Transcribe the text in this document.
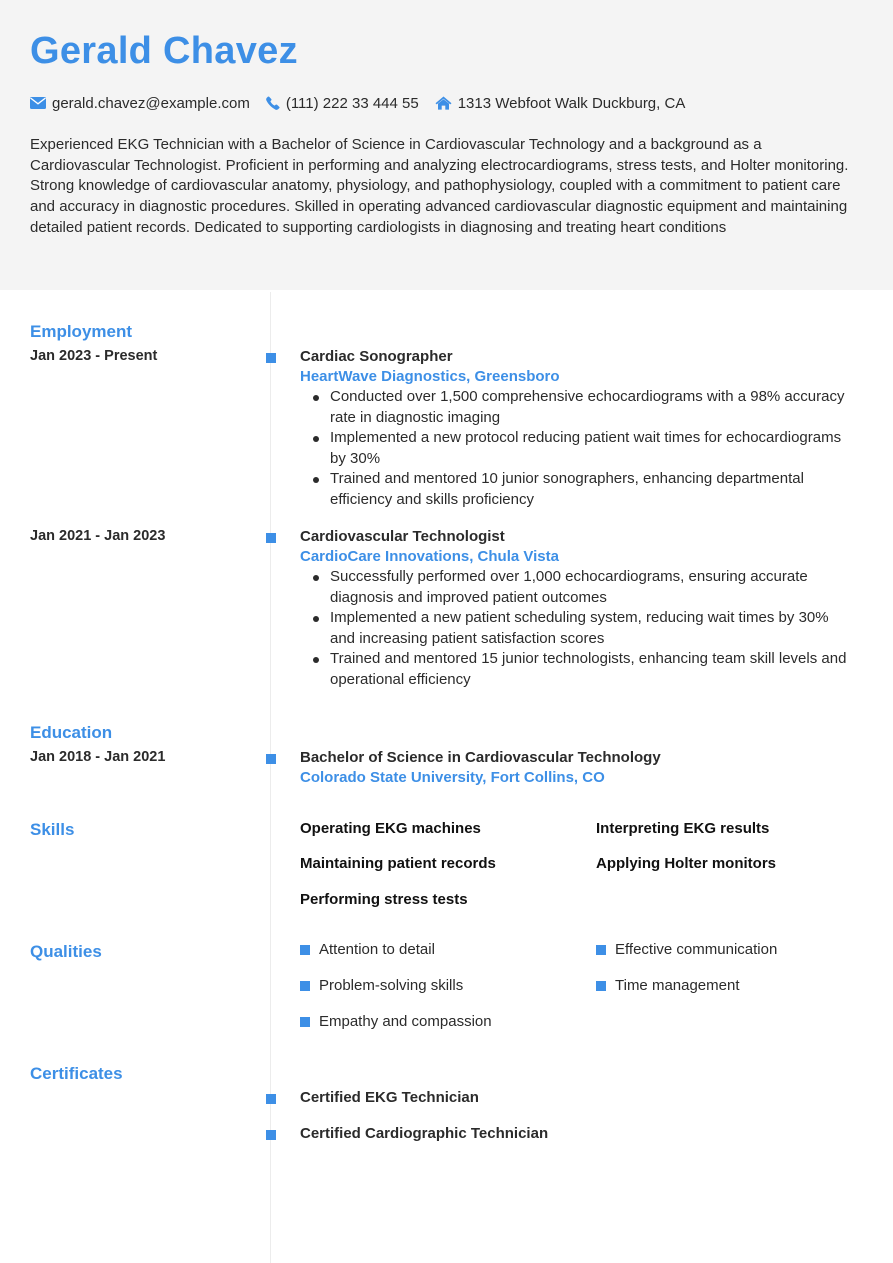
Gerald Chavez
gerald.chavez@example.com (111) 222 33 444 55	1313 Webfoot Walk Duckburg, CA

Experienced EKG Technician with a Bachelor of Science in Cardiovascular Technology and a background as a Cardiovascular Technologist. Proficient in performing and analyzing electrocardiograms, stress tests, and Holter monitoring. Strong knowledge of cardiovascular anatomy, physiology, and pathophysiology, coupled with a commitment to patient care and accuracy in diagnostic procedures. Skilled in operating advanced cardiovascular diagnostic equipment and maintaining detailed patient records. Dedicated to supporting cardiologists in diagnosing and treating heart conditions

Employment
Jan 2023 - Present	Cardiac Sonographer
HeartWave Diagnostics, Greensboro
Conducted over 1,500 comprehensive echocardiograms with a 98% accuracy rate in diagnostic imaging
Implemented a new protocol reducing patient wait times for echocardiograms by 30%
Trained and mentored 10 junior sonographers, enhancing departmental efficiency and skills proficiency
Jan 2021 - Jan 2023	Cardiovascular Technologist
CardioCare Innovations, Chula Vista
Successfully performed over 1,000 echocardiograms, ensuring accurate diagnosis and improved patient outcomes
Implemented a new patient scheduling system, reducing wait times by 30% and increasing patient satisfaction scores
Trained and mentored 15 junior technologists, enhancing team skill levels and operational efficiency
Education
Jan 2018 - Jan 2021	Bachelor of Science in Cardiovascular Technology
Colorado State University, Fort Collins, CO
Skills	Operating EKG machines	Interpreting EKG results
Maintaining patient records	Applying Holter monitors
Performing stress tests
Qualities	Attention to detail	Effective communication
Problem-solving skills	Time management
Empathy and compassion
Certificates
Certified EKG Technician
Certified Cardiographic Technician
